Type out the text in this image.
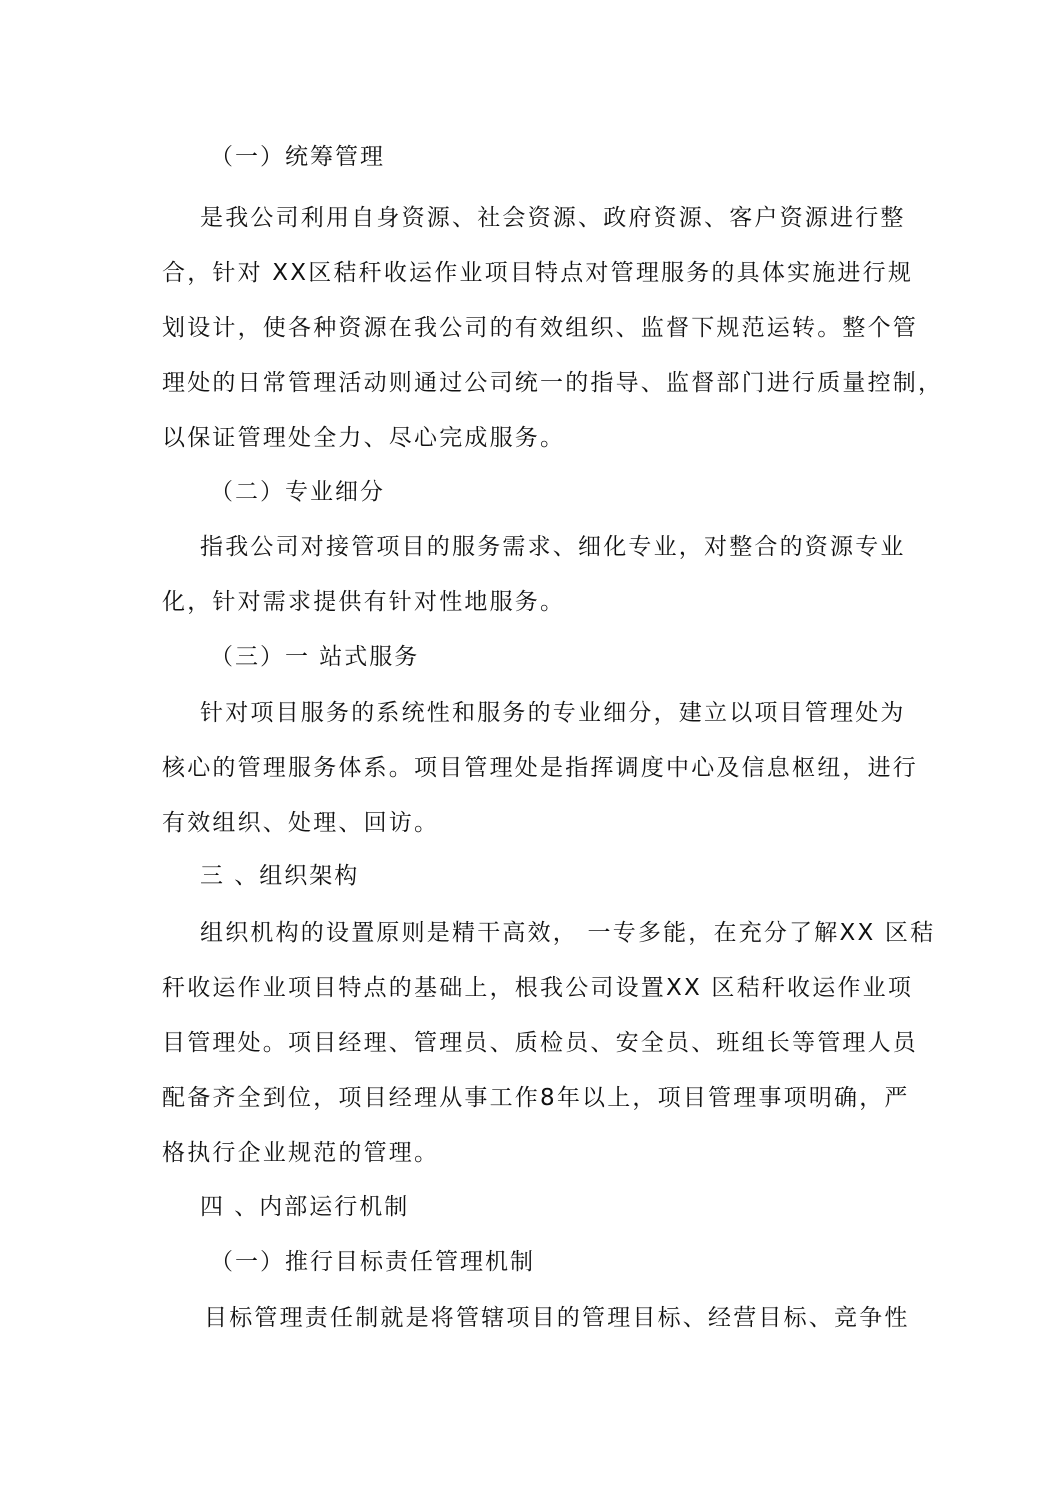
（一）统筹管理
是我公司利用自身资源、社会资源、政府资源、客户资源进行整
合，针对 XX区秸秆收运作业项目特点对管理服务的具体实施进行规
划设计，使各种资源在我公司的有效组织、监督下规范运转。整个管
理处的日常管理活动则通过公司统一的指导、监督部门进行质量控制，
以保证管理处全力、尽心完成服务。
（二）专业细分
指我公司对接管项目的服务需求、细化专业，对整合的资源专业
化，针对需求提供有针对性地服务。
（三）一 站式服务
针对项目服务的系统性和服务的专业细分，建立以项目管理处为
核心的管理服务体系。项目管理处是指挥调度中心及信息枢纽，进行
有效组织、处理、回访。
三 、组织架构
组织机构的设置原则是精干高效， 一专多能，在充分了解XX 区秸
秆收运作业项目特点的基础上，根我公司设置XX 区秸秆收运作业项
目管理处。项目经理、管理员、质检员、安全员、班组长等管理人员
配备齐全到位，项目经理从事工作8年以上，项目管理事项明确，严
格执行企业规范的管理。
四 、内部运行机制
（一）推行目标责任管理机制
目标管理责任制就是将管辖项目的管理目标、经营目标、竞争性
